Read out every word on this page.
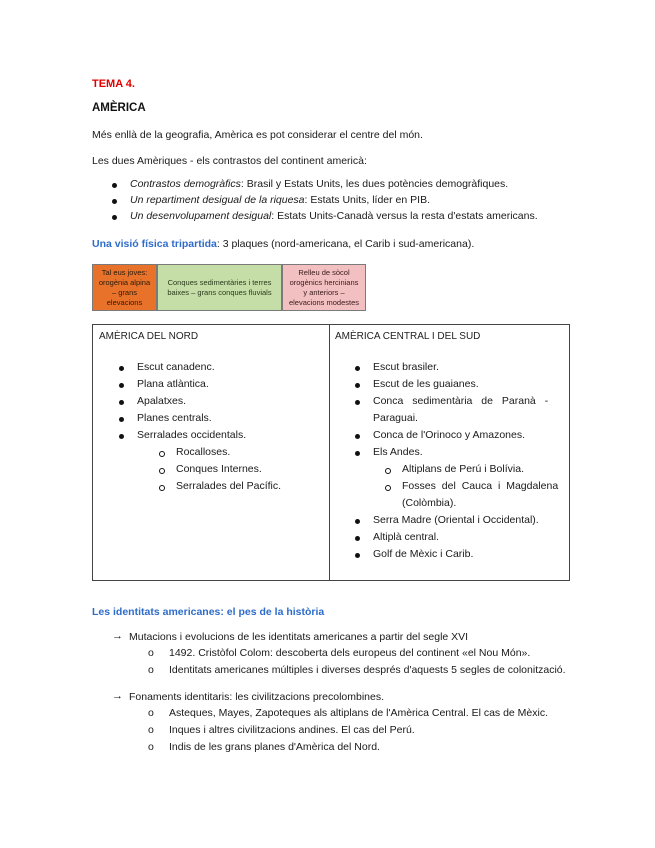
TEMA 4.
AMÈRICA
Més enllà de la geografia, Amèrica es pot considerar el centre del món.
Les dues Amèriques - els contrastos del continent americà:
Contrastos demogràfics: Brasil y Estats Units, les dues potències demogràfiques.
Un repartiment desigual de la riquesa: Estats Units, líder en PIB.
Un desenvolupament desigual: Estats Units-Canadà versus la resta d'estats americans.
Una visió física tripartida: 3 plaques (nord-americana, el Carib i sud-americana).
Tal eus joves: orogènia alpina – grans elevacions
Conques sedimentàries i terres baixes – grans conques fluvials
Relleu de sòcol orogènics hercinians y anteriors – elevacions modestes
AMÈRICA DEL NORD	AMÈRICA CENTRAL I DEL SUD
Escut canadenc.
Plana atlàntica.
Apalatxes.
Planes centrals.
Serralades occidentals.
Rocalloses.
Conques Internes.
Serralades del Pacífic.
Escut brasiler.
Escut de les guaianes.
Conca sedimentària de Paranà -
Paraguai.
Conca de l'Orinoco y Amazones.
Els Andes.
Altiplans de Perú i Bolívia.
Fosses del Cauca i Magdalena
(Colòmbia).
Serra Madre (Oriental i Occidental).
Altiplà central.
Golf de Mèxic i Carib.
Les identitats americanes: el pes de la història
→ Mutacions i evolucions de les identitats americanes a partir del segle XVI
o 1492. Cristòfol Colom: descoberta dels europeus del continent «el Nou Món».
o Identitats americanes múltiples i diverses després d'aquests 5 segles de colonització.
→ Fonaments identitaris: les civilitzacions precolombines.
o Asteques, Mayes, Zapoteques als altiplans de l'Amèrica Central. El cas de Mèxic.
o Inques i altres civilitzacions andines. El cas del Perú.
o Indis de les grans planes d'Amèrica del Nord.
